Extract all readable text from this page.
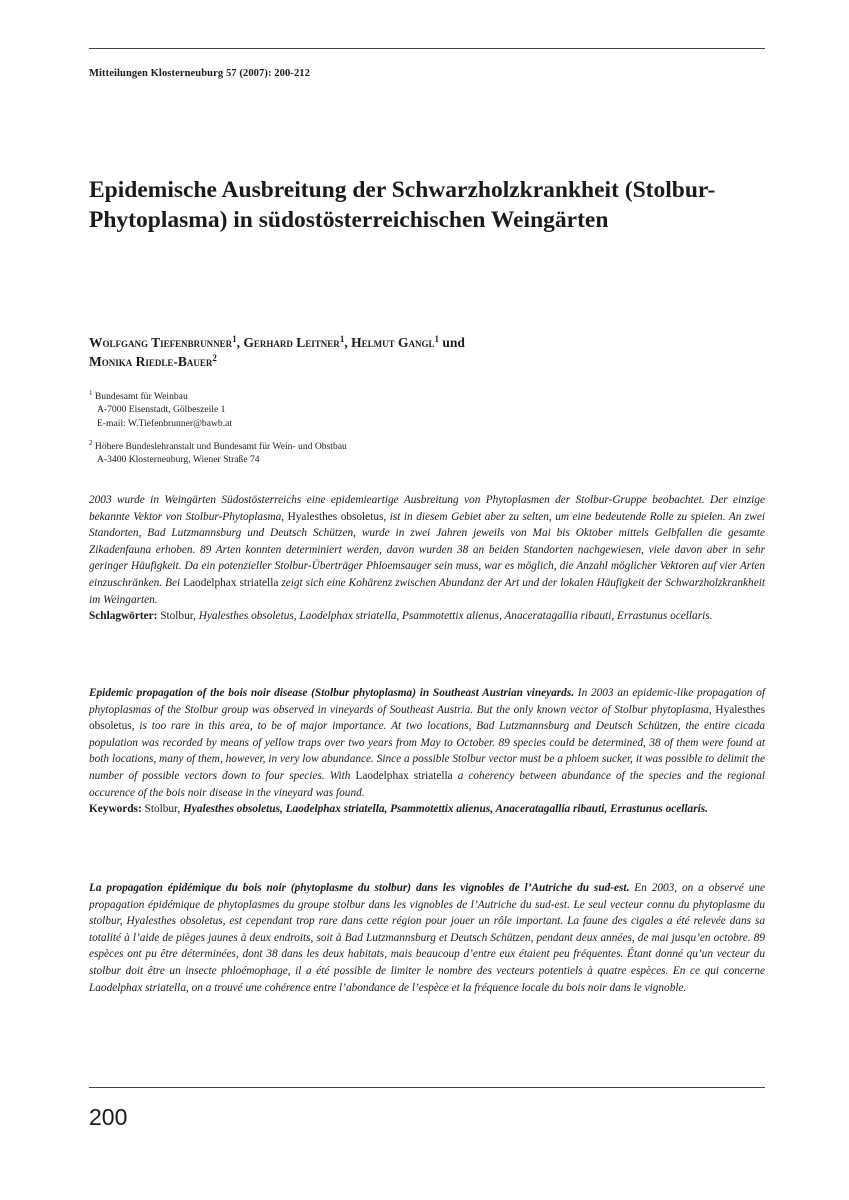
Mitteilungen Klosterneuburg 57 (2007): 200-212
Epidemische Ausbreitung der Schwarzholzkrankheit (Stolbur-Phytoplasma) in südostösterreichischen Weingärten
Wolfgang Tiefenbrunner$^1$, Gerhard Leitner$^1$, Helmut Gangl$^1$ und
Monika Riedle-Bauer$^2$
$^1$ Bundesamt für Weinbau
A-7000 Eisenstadt, Gölbeszeile 1
E-mail: W.Tiefenbrunner@bawb.at
$^2$ Höhere Bundeslehranstalt und Bundesamt für Wein- und Obstbau
A-3400 Klosterneuburg, Wiener Straße 74

2003 wurde in Weingärten Südostösterreichs eine epidemieartige Ausbreitung von Phytoplasmen der Stolbur-Gruppe beobachtet. Der einzige bekannte Vektor von Stolbur-Phytoplasma, Hyalesthes obsoletus, ist in diesem Gebiet aber zu selten, um eine bedeutende Rolle zu spielen. An zwei Standorten, Bad Lutzmannsburg und Deutsch Schützen, wurde in zwei Jahren jeweils von Mai bis Oktober mittels Gelbfallen die gesamte Zikadenfauna erhoben. 89 Arten konnten determiniert werden, davon wurden 38 an beiden Standorten nachgewiesen, viele davon aber in sehr geringer Häufigkeit. Da ein potenzieller Stolbur-Überträger Phloemsauger sein muss, war es möglich, die Anzahl möglicher Vektoren auf vier Arten einzuschränken. Bei Laodelphax striatella zeigt sich eine Kohärenz zwischen Abundanz der Art und der lokalen Häufigkeit der Schwarzholzkrankheit im Weingarten.
Schlagwörter: Stolbur, Hyalesthes obsoletus, Laodelphax striatella, Psammotettix alienus, Anaceratagallia ribauti, Errastunus ocellaris.

Epidemic propagation of the bois noir disease (Stolbur phytoplasma) in Southeast Austrian vineyards. In 2003 an epidemic-like propagation of phytoplasmas of the Stolbur group was observed in vineyards of Southeast Austria. But the only known vector of Stolbur phytoplasma, Hyalesthes obsoletus, is too rare in this area, to be of major importance. At two locations, Bad Lutzmannsburg and Deutsch Schützen, the entire cicada population was recorded by means of yellow traps over two years from May to October. 89 species could be determined, 38 of them were found at both locations, many of them, however, in very low abundance. Since a possible Stolbur vector must be a phloem sucker, it was possible to delimit the number of possible vectors down to four species. With Laodelphax striatella a coherency between abundance of the species and the regional occurence of the bois noir disease in the vineyard was found.
Keywords: Stolbur, Hyalesthes obsoletus, Laodelphax striatella, Psammotettix alienus, Anaceratagallia ribauti, Errastunus ocellaris.

La propagation épidémique du bois noir (phytoplasme du stolbur) dans les vignobles de l’Autriche du sud-est. En 2003, on a observé une propagation épidémique de phytoplasmes du groupe stolbur dans les vignobles de l’Autriche du sud-est. Le seul vecteur connu du phytoplasme du stolbur, Hyalesthes obsoletus, est cependant trop rare dans cette région pour jouer un rôle important. La faune des cigales a été relevée dans sa totalité à l’aide de pièges jaunes à deux endroits, soit à Bad Lutzmannsburg et Deutsch Schützen, pendant deux années, de mai jusqu’en octobre. 89 espèces ont pu être déterminées, dont 38 dans les deux habitats, mais beaucoup d’entre eux étaient peu fréquentes. Étant donné qu’un vecteur du stolbur doit être un insecte phloémophage, il a été possible de limiter le nombre des vecteurs potentiels à quatre espèces. En ce qui concerne Laodelphax striatella, on a trouvé une cohérence entre l’abondance de l’espèce et la fréquence locale du bois noir dans le vignoble.

200
